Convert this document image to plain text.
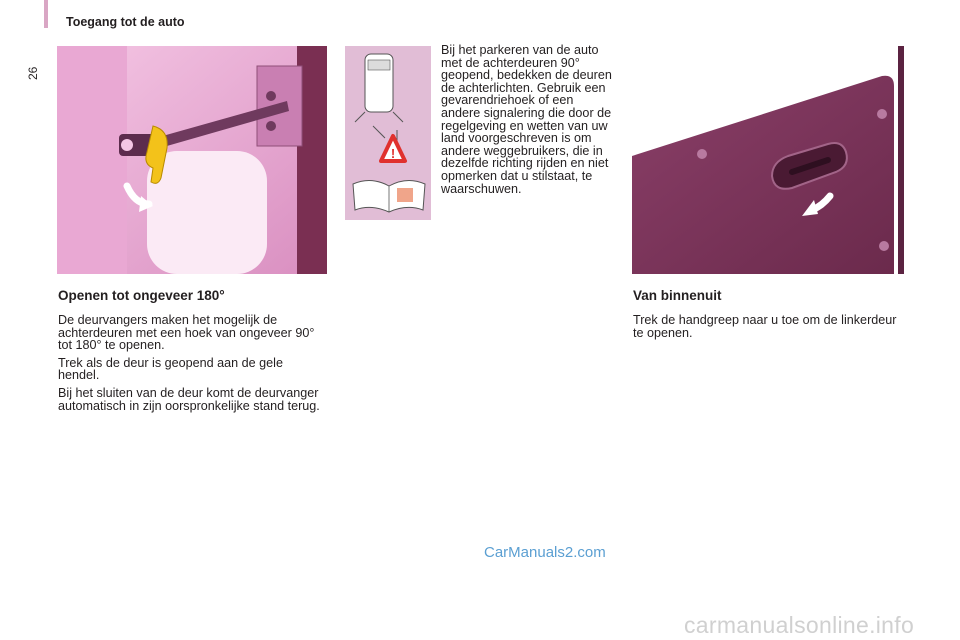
Toegang tot de auto
26
!
Bij het parkeren van de auto met de achterdeuren 90° geopend, bedekken de deuren de achterlichten. Gebruik een gevarendriehoek of een andere signalering die door de regelgeving en wetten van uw land voorgeschreven is om andere weggebruikers, die in dezelfde richting rijden en niet opmerken dat u stilstaat, te waarschuwen.
Openen tot ongeveer 180°

De deurvangers maken het mogelijk de achterdeuren met een hoek van ongeveer 90° tot 180° te openen.

Trek als de deur is geopend aan de gele hendel.

Bij het sluiten van de deur komt de deurvanger automatisch in zijn oorspronkelijke stand terug.

Van binnenuit

Trek de handgreep naar u toe om de linkerdeur te openen.

CarManuals2.com
carmanualsonline.info
